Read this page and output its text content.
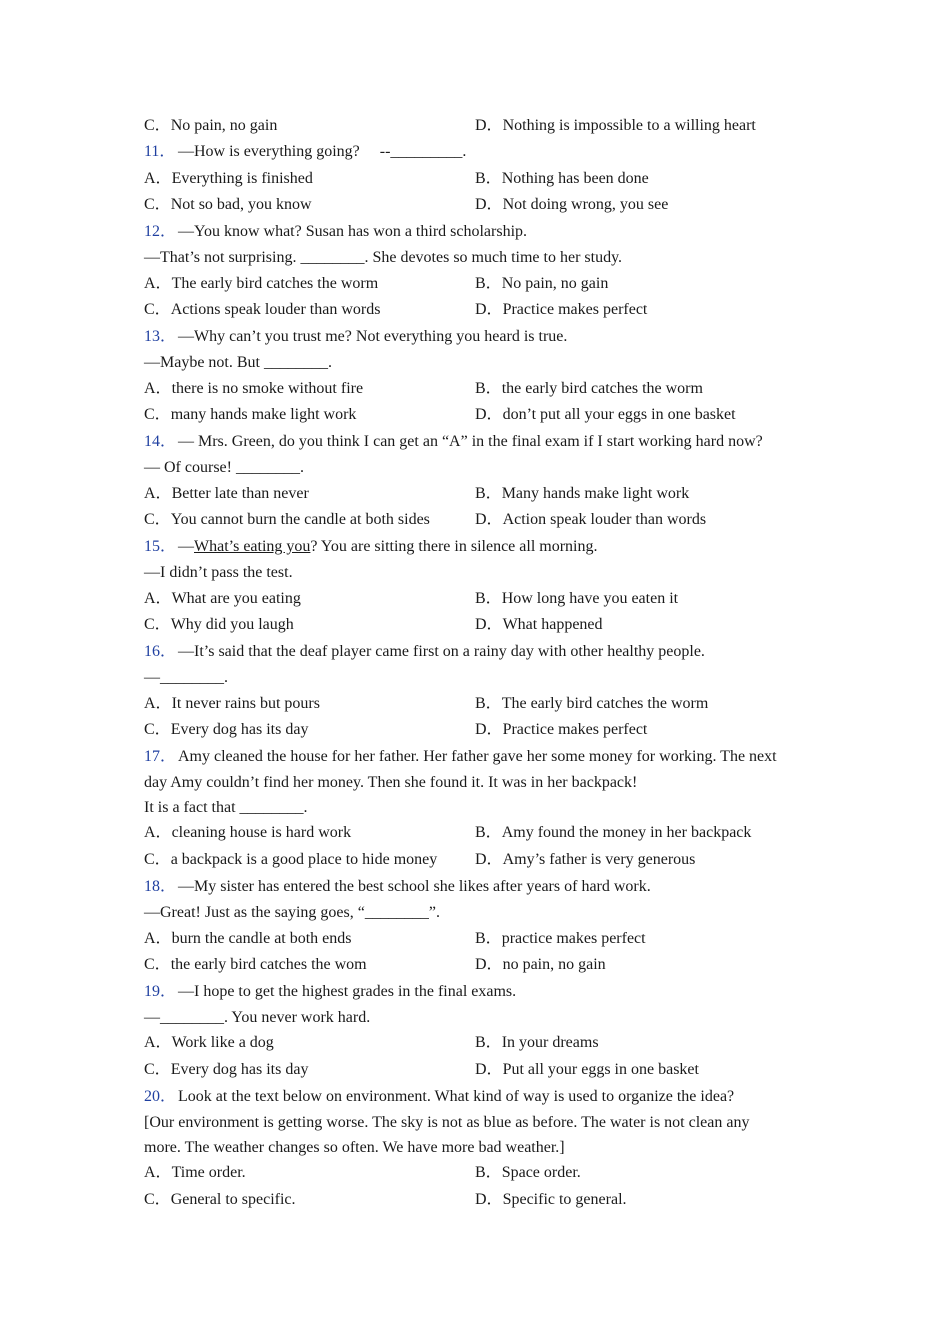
C．No pain, no gain	D．Nothing is impossible to a willing heart
11． —How is everything going?     --_________.
A．Everything is finished	B．Nothing has been done
C．Not so bad, you know	D．Not doing wrong, you see
12． —You know what? Susan has won a third scholarship.
—That’s not surprising. ________. She devotes so much time to her study.
A．The early bird catches the worm	B．No pain, no gain
C．Actions speak louder than words	D．Practice makes perfect
13． —Why can’t you trust me? Not everything you heard is true.
—Maybe not. But ________.
A．there is no smoke without fire	B．the early bird catches the worm
C．many hands make light work	D．don’t put all your eggs in one basket
14． — Mrs. Green, do you think I can get an “A” in the final exam if I start working hard now?
— Of course! ________.
A．Better late than never	B．Many hands make light work
C．You cannot burn the candle at both sides	D．Action speak louder than words
15． —What’s eating you? You are sitting there in silence all morning.
—I didn’t pass the test.
A．What are you eating	B．How long have you eaten it
C．Why did you laugh	D．What happened
16． —It’s said that the deaf player came first on a rainy day with other healthy people.
—________.
A．It never rains but pours	B．The early bird catches the worm
C．Every dog has its day	D．Practice makes perfect
17． Amy cleaned the house for her father. Her father gave her some money for working. The next
day Amy couldn’t find her money. Then she found it. It was in her backpack!
It is a fact that ________.
A．cleaning house is hard work	B．Amy found the money in her backpack
C．a backpack is a good place to hide money D．Amy’s father is very generous
18． —My sister has entered the best school she likes after years of hard work.
—Great! Just as the saying goes, “________”.
A．burn the candle at both ends	B．practice makes perfect
C．the early bird catches the wom	D．no pain, no gain
19． —I hope to get the highest grades in the final exams.
—________. You never work hard.
A．Work like a dog	B．In your dreams
C．Every dog has its day	D．Put all your eggs in one basket
20． Look at the text below on environment. What kind of way is used to organize the idea?
[Our environment is getting worse. The sky is not as blue as before. The water is not clean any
more. The weather changes so often. We have more bad weather.]
A．Time order.	B．Space order.
C．General to specific.	D．Specific to general.
